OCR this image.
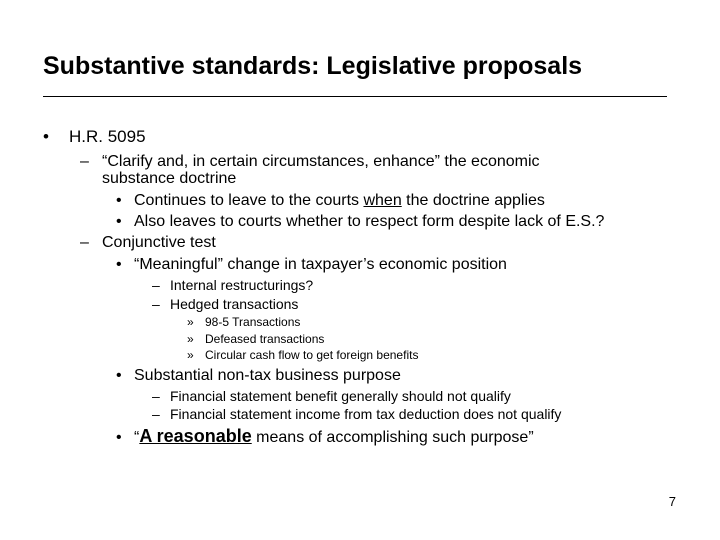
Substantive standards: Legislative proposals
• H.R. 5095
– “Clarify and, in certain circumstances, enhance” the economic
substance doctrine
• Continues to leave to the courts when the doctrine applies
• Also leaves to courts whether to respect form despite lack of E.S.?
– Conjunctive test
• “Meaningful” change in taxpayer’s economic position
– Internal restructurings?
– Hedged transactions
» 98-5 Transactions
» Defeased transactions
» Circular cash flow to get foreign benefits
• Substantial non-tax business purpose
– Financial statement benefit generally should not qualify
– Financial statement income from tax deduction does not qualify
• “A reasonable means of accomplishing such purpose”
7
